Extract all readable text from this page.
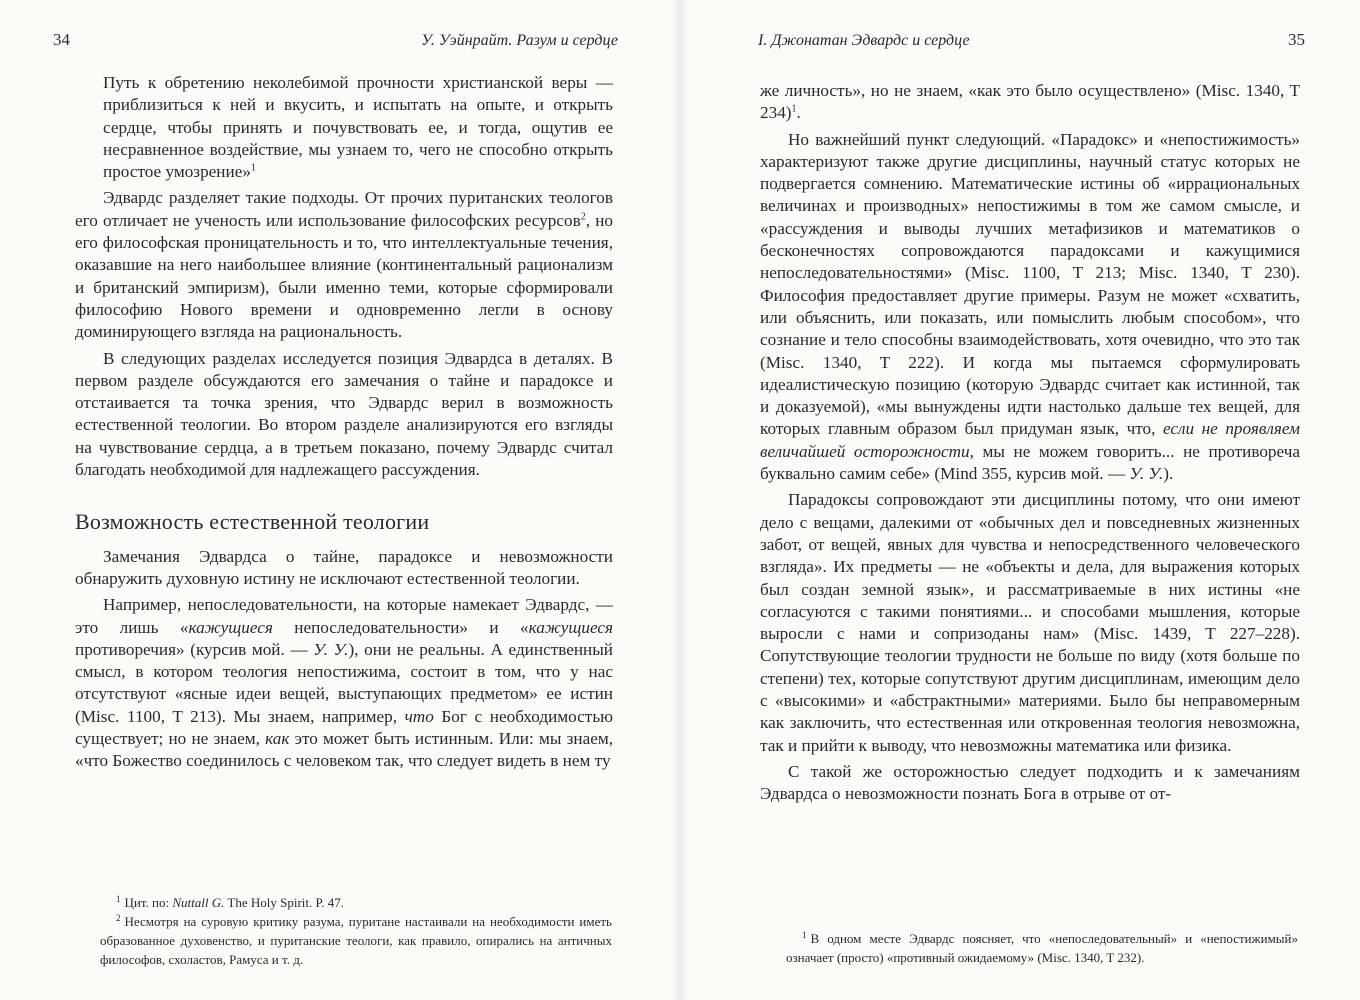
34	У. Уэйнрайт. Разум и сердце

Путь к обретению неколебимой прочности христианской веры — приблизиться к ней и вкусить, и испытать на опыте, и открыть сердце, чтобы принять и почувствовать ее, и тогда, ощутив ее несравненное воздействие, мы узнаем то, чего не способно открыть простое умозрение»$^1$

Эдвардс разделяет такие подходы. От прочих пуританских теологов его отличает не ученость или использование философских ресурсов$^2$, но его философская проницательность и то, что интеллектуальные течения, оказавшие на него наибольшее влияние (континентальный рационализм и британский эмпиризм), были именно теми, которые сформировали философию Нового времени и одновременно легли в основу доминирующего взгляда на рациональность.

В следующих разделах исследуется позиция Эдвардса в деталях. В первом разделе обсуждаются его замечания о тайне и парадоксе и отстаивается та точка зрения, что Эдвардс верил в возможность естественной теологии. Во втором разделе анализируются его взгляды на чувствование сердца, а в третьем показано, почему Эдвардс считал благодать необходимой для надлежащего рассуждения.

Возможность естественной теологии

Замечания Эдвардса о тайне, парадоксе и невозможности обнаружить духовную истину не исключают естественной теологии.

Например, непоследовательности, на которые намекает Эдвардс, — это лишь «кажущиеся непоследовательности» и «кажущиеся противоречия» (курсив мой. — У. У.), они не реальны. А единственный смысл, в котором теология непостижима, состоит в том, что у нас отсутствуют «ясные идеи вещей, выступающих предметом» ее истин (Misc. 1100, T 213). Мы знаем, например, что Бог с необходимостью существует; но не знаем, как это может быть истинным. Или: мы знаем, «что Божество соединилось с человеком так, что следует видеть в нем ту

$^1$ Цит. по: Nuttall G. The Holy Spirit. P. 47.
$^2$ Несмотря на суровую критику разума, пуритане настаивали на необходимости иметь образованное духовенство, и пуританские теологи, как правило, опирались на античных философов, схоластов, Рамуса и т. д.
I. Джонатан Эдвардс и сердце	35

же личность», но не знаем, «как это было осуществлено» (Misc. 1340, T 234)$^1$.

Но важнейший пункт следующий. «Парадокс» и «непостижимость» характеризуют также другие дисциплины, научный статус которых не подвергается сомнению. Математические истины об «иррациональных величинах и производных» непостижимы в том же самом смысле, и «рассуждения и выводы лучших метафизиков и математиков о бесконечностях сопровождаются парадоксами и кажущимися непоследовательностями» (Misc. 1100, T 213; Misc. 1340, T 230). Философия предоставляет другие примеры. Разум не может «схватить, или объяснить, или показать, или помыслить любым способом», что сознание и тело способны взаимодействовать, хотя очевидно, что это так (Misc. 1340, T 222). И когда мы пытаемся сформулировать идеалистическую позицию (которую Эдвардс считает как истинной, так и доказуемой), «мы вынуждены идти настолько дальше тех вещей, для которых главным образом был придуман язык, что, если не проявляем величайшей осторожности, мы не можем говорить... не противореча буквально самим себе» (Mind 355, курсив мой. — У. У.).

Парадоксы сопровождают эти дисциплины потому, что они имеют дело с вещами, далекими от «обычных дел и повседневных жизненных забот, от вещей, явных для чувства и непосредственного человеческого взгляда». Их предметы — не «объекты и дела, для выражения которых был создан земной язык», и рассматриваемые в них истины «не согласуются с такими понятиями... и способами мышления, которые выросли с нами и сопризоданы нам» (Misc. 1439, T 227–228). Сопутствующие теологии трудности не больше по виду (хотя больше по степени) тех, которые сопутствуют другим дисциплинам, имеющим дело с «высокими» и «абстрактными» материями. Было бы неправомерным как заключить, что естественная или откровенная теология невозможна, так и прийти к выводу, что невозможны математика или физика.

С такой же осторожностью следует подходить и к замечаниям Эдвардса о невозможности познать Бога в отрыве от от-

$^1$ В одном месте Эдвардс поясняет, что «непоследовательный» и «непостижимый» означает (просто) «противный ожидаемому» (Misc. 1340, T 232).
